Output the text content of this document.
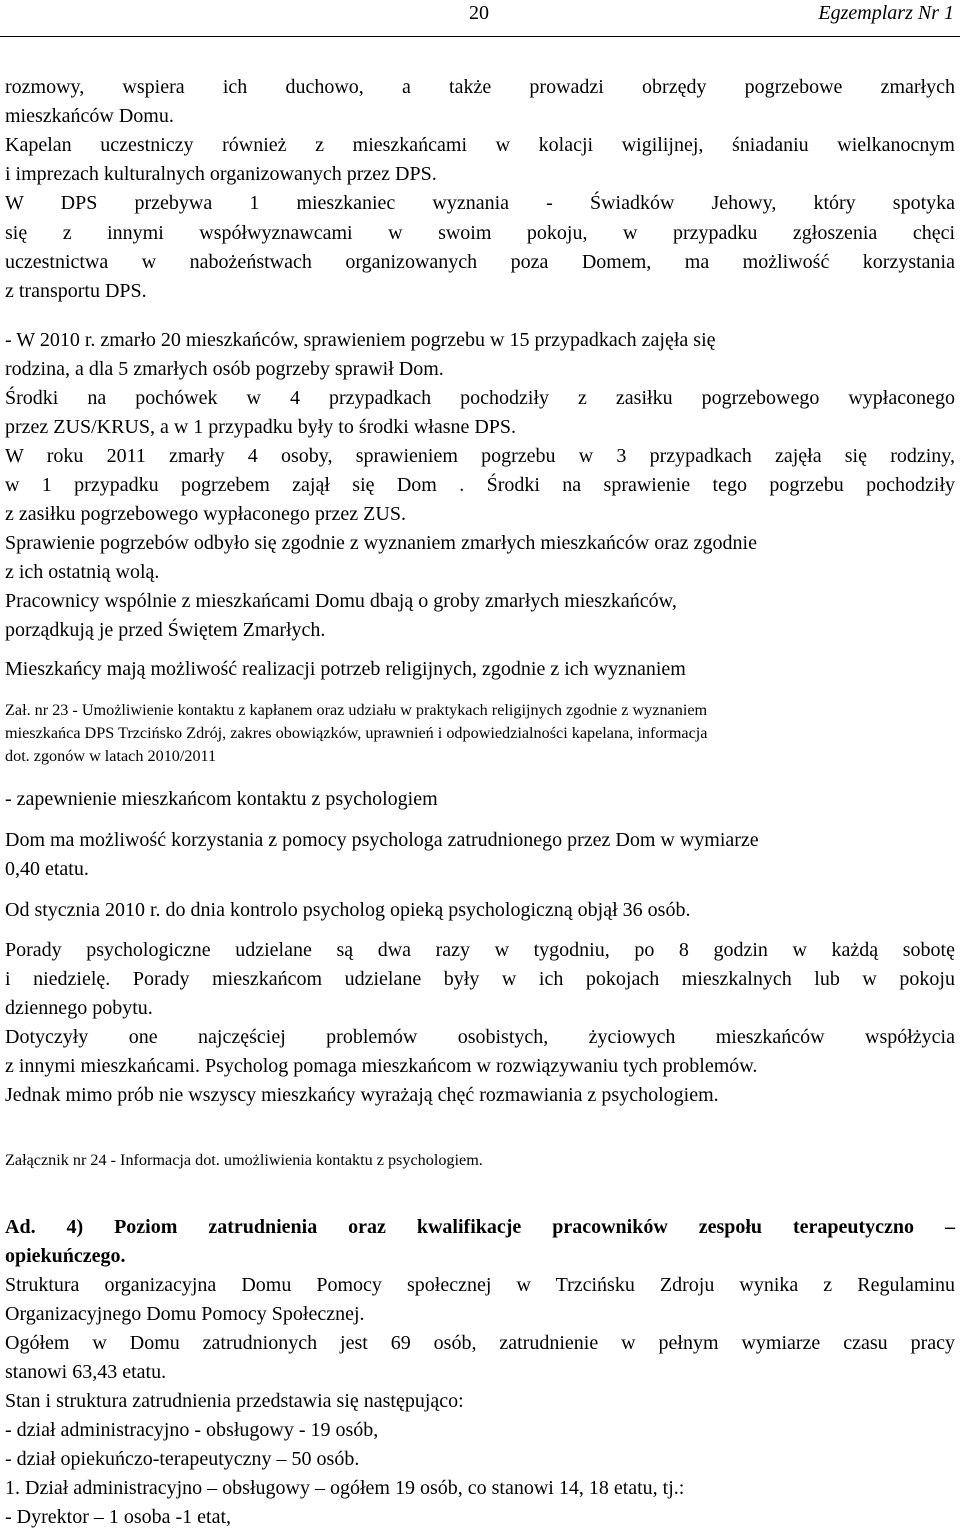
20	Egzemplarz Nr 1
rozmowy, wspiera ich duchowo, a także prowadzi obrzędy pogrzebowe zmarłych
mieszkańców Domu.
Kapelan uczestniczy również z mieszkańcami w kolacji wigilijnej, śniadaniu wielkanocnym
i imprezach kulturalnych organizowanych przez DPS.
W DPS przebywa 1 mieszkaniec wyznania - Świadków Jehowy, który spotyka
się z innymi współwyznawcami w swoim pokoju, w przypadku zgłoszenia chęci
uczestnictwa w nabożeństwach organizowanych poza Domem, ma możliwość korzystania
z transportu DPS.
- W 2010 r. zmarło 20 mieszkańców, sprawieniem pogrzebu w 15 przypadkach zajęła się
rodzina, a dla 5 zmarłych osób pogrzeby sprawił Dom.
Środki na pochówek w 4 przypadkach pochodziły z zasiłku pogrzebowego wypłaconego
przez ZUS/KRUS, a w 1 przypadku były to środki własne DPS.
W roku 2011 zmarły 4 osoby, sprawieniem pogrzebu w 3 przypadkach zajęła się rodziny,
w 1 przypadku pogrzebem zajął się Dom . Środki na sprawienie tego pogrzebu pochodziły
z zasiłku pogrzebowego wypłaconego przez ZUS.
Sprawienie pogrzebów odbyło się zgodnie z wyznaniem zmarłych mieszkańców oraz zgodnie
z ich ostatnią wolą.
Pracownicy wspólnie z mieszkańcami Domu dbają o groby zmarłych mieszkańców,
porządkują je przed Świętem Zmarłych.
Mieszkańcy mają możliwość realizacji potrzeb religijnych, zgodnie z ich wyznaniem
Zał. nr 23 - Umożliwienie kontaktu z kapłanem oraz udziału w praktykach religijnych zgodnie z wyznaniem
mieszkańca DPS Trzcińsko Zdrój, zakres obowiązków, uprawnień i odpowiedzialności kapelana, informacja
dot. zgonów w latach 2010/2011
- zapewnienie mieszkańcom kontaktu z psychologiem
Dom ma możliwość korzystania z pomocy psychologa zatrudnionego przez Dom w wymiarze
0,40 etatu.
Od stycznia 2010 r. do dnia kontrolo psycholog opieką psychologiczną objął 36 osób.
Porady psychologiczne udzielane są dwa razy w tygodniu, po 8 godzin w każdą sobotę
i niedzielę. Porady mieszkańcom udzielane były w ich pokojach mieszkalnych lub w pokoju
dziennego pobytu.
Dotyczyły one najczęściej problemów osobistych, życiowych mieszkańców współżycia
z innymi mieszkańcami. Psycholog pomaga mieszkańcom w rozwiązywaniu tych problemów.
Jednak mimo prób nie wszyscy mieszkańcy wyrażają chęć rozmawiania z psychologiem.
Załącznik nr 24 - Informacja dot. umożliwienia kontaktu z psychologiem.
Ad. 4) Poziom zatrudnienia oraz kwalifikacje pracowników zespołu terapeutyczno –
opiekuńczego.
Struktura organizacyjna Domu Pomocy społecznej w Trzcińsku Zdroju wynika z Regulaminu
Organizacyjnego Domu Pomocy Społecznej.
Ogółem w Domu zatrudnionych jest 69 osób, zatrudnienie w pełnym wymiarze czasu pracy
stanowi 63,43 etatu.
Stan i struktura zatrudnienia przedstawia się następująco:
- dział administracyjno - obsługowy - 19 osób,
- dział opiekuńczo-terapeutyczny – 50 osób.
1. Dział administracyjno – obsługowy – ogółem 19 osób, co stanowi 14, 18 etatu, tj.:
- Dyrektor – 1 osoba -1 etat,
